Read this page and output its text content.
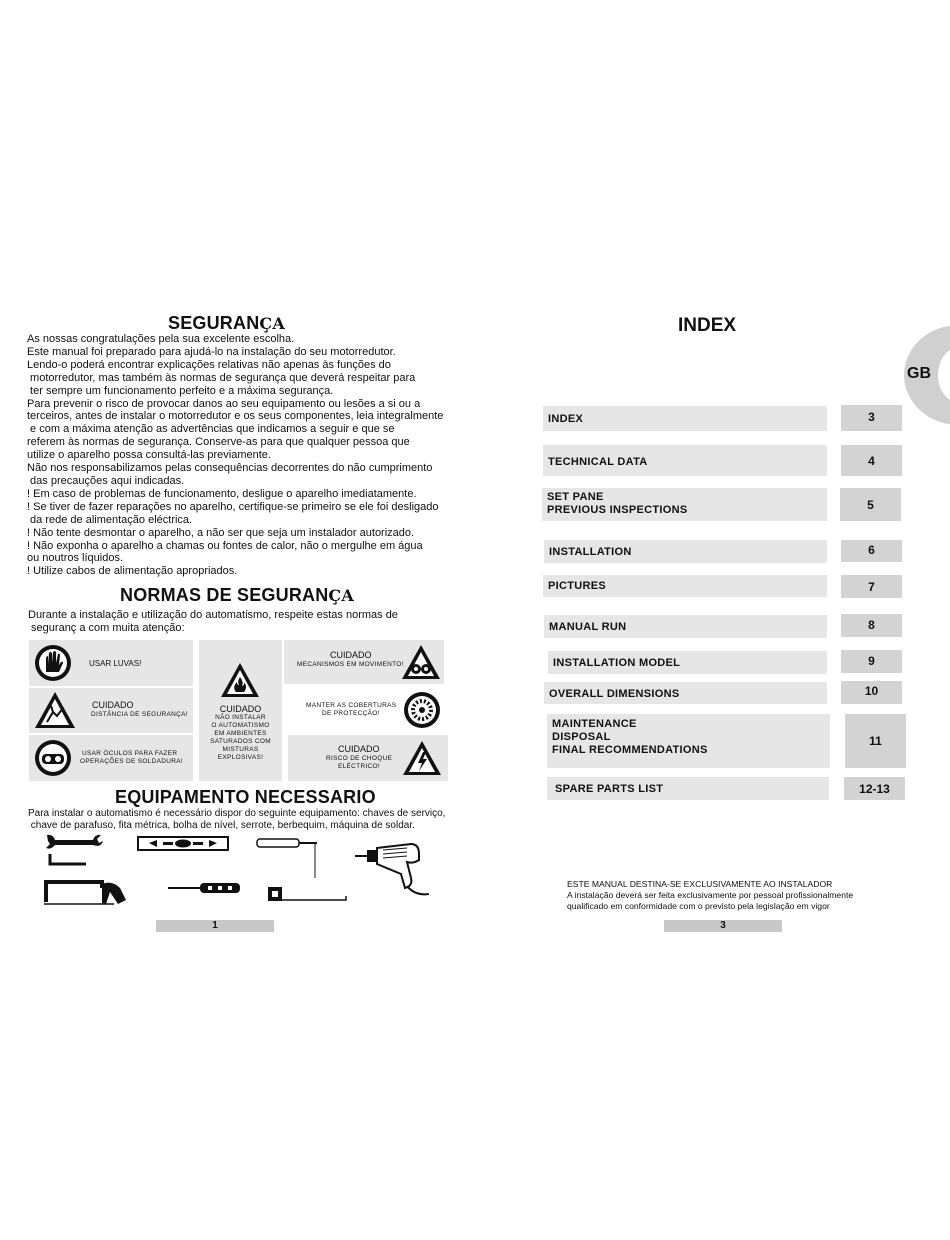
SEGURANÇA

As nossas congratulações pela sua excelente escolha.

Este manual foi preparado para ajudá-lo na instalação do seu motorredutor.

Lendo-o poderá encontrar explicações relativas não apenas às funções do

motorredutor, mas também às normas de segurança que deverá respeitar para

ter sempre um funcionamento perfeito e a máxima segurança.

Para prevenir o risco de provocar danos ao seu equipamento ou lesões a si ou a

terceiros, antes de instalar o motorredutor e os seus componentes, leia integralmente

e com a máxima atenção as advertências que indicamos a seguir e que se

referem às normas de segurança. Conserve-as para que qualquer pessoa que

utilize o aparelho possa consultá-las previamente.

Não nos responsabilizamos pelas consequências decorrentes do não cumprimento

das precauções aqui indicadas.

! Em caso de problemas de funcionamento, desligue o aparelho imediatamente.

! Se tiver de fazer reparações no aparelho, certifique-se primeiro se ele foi desligado

da rede de alimentação eléctrica.

! Não tente desmontar o aparelho, a não ser que seja um instalador autorizado.

! Não exponha o aparelho a chamas ou fontes de calor, não o mergulhe em água

ou noutros líquidos.

! Utilize cabos de alimentação apropriados.

NORMAS DE SEGURANÇA

Durante a instalação e utilização do automatismo, respeite estas normas de

seguranç a com muita atenção:

USAR LUVAS!
CUIDADO
DISTÂNCIA DE SEGURANÇA!
USAR ÓCULOS PARA FAZER
OPERAÇÕES DE SOLDADURA!
CUIDADO
NÃO INSTALAR
O AUTOMATISMO
EM AMBIENTES
SATURADOS COM
MISTURAS EXPLOSIVAS!
CUIDADO
MECANISMOS EM MOVIMENTO!
MANTER AS COBERTURAS
DE PROTECÇÃO!
CUIDADO
RISCO DE CHOQUE
ELÉCTRICO!
EQUIPAMENTO NECESSARIO

Para instalar o automatismo é necessário dispor do seguinte equipamento: chaves de serviço,

chave de parafuso, fita métrica, bolha de nível, serrote, berbequim, máquina de soldar.

1
INDEX
GB
INDEX	3
TECHNICAL DATA	4
SET PANE
PREVIOUS INSPECTIONS	5
INSTALLATION	6
PICTURES	7
MANUAL RUN	8
INSTALLATION MODEL	9
OVERALL DIMENSIONS	10
MAINTENANCE
DISPOSAL
FINAL RECOMMENDATIONS
11
SPARE PARTS LIST	12-13
ESTE MANUAL DESTINA-SE EXCLUSIVAMENTE AO INSTALADOR
A instalação deverá ser feita exclusivamente por pessoal profissionalmente
qualificado em conformidade com o previsto pela legislação em vigor
3
